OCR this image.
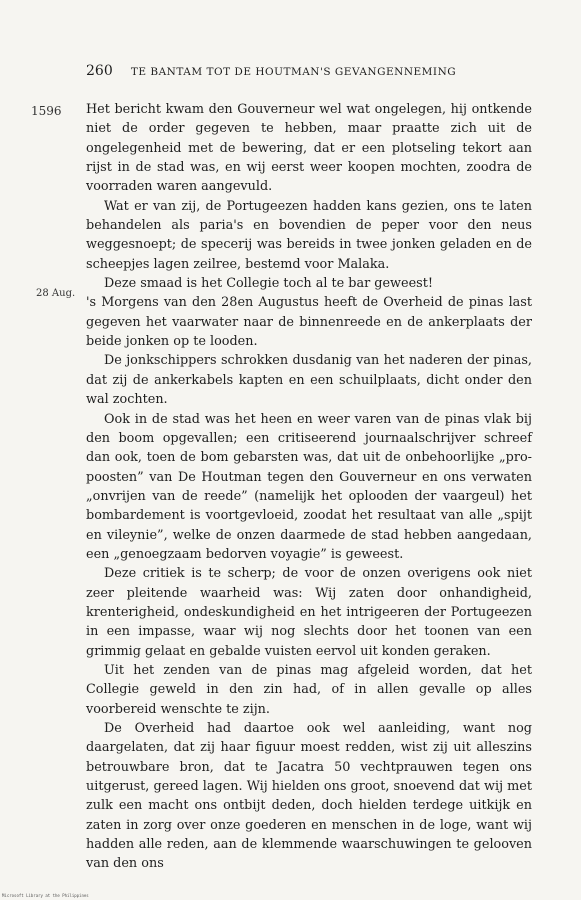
260 TE BANTAM TOT DE HOUTMAN'S GEVANGENNEMING
1596
28 Aug.

Het bericht kwam den Gouverneur wel wat ongelegen, hij ontkende niet de order gegeven te hebben, maar praatte zich uit de ongelegenheid met de bewering, dat er een plotseling tekort aan rijst in de stad was, en wij eerst weer koopen mochten, zoodra de voorraden waren aangevuld.

Wat er van zij, de Portugeezen hadden kans gezien, ons te laten behandelen als paria's en bovendien de peper voor den neus weggesnoept; de specerij was bereids in twee jonken geladen en de scheepjes lagen zeilree, bestemd voor Malaka.

Deze smaad is het Collegie toch al te bar geweest!

's Morgens van den 28en Augustus heeft de Overheid de pinas last gegeven het vaarwater naar de binnenreede en de ankerplaats der beide jonken op te looden.

De jonkschippers schrokken dusdanig van het naderen der pinas, dat zij de ankerkabels kapten en een schuilplaats, dicht onder den wal zochten.

Ook in de stad was het heen en weer varen van de pinas vlak bij den boom opgevallen; een critiseerend journaalschrijver schreef dan ook, toen de bom gebarsten was, dat uit de onbehoorlijke „pro-poosten” van De Houtman tegen den Gouverneur en ons verwaten „onvrijen van de reede” (namelijk het oplooden der vaargeul) het bombardement is voortgevloeid, zoodat het resultaat van alle „spijt en vileynie”, welke de onzen daarmede de stad hebben aangedaan, een „genoegzaam bedorven voyagie” is geweest.

Deze critiek is te scherp; de voor de onzen overigens ook niet zeer pleitende waarheid was: Wij zaten door onhandigheid, krenterigheid, ondeskundigheid en het intrigeeren der Portugeezen in een impasse, waar wij nog slechts door het toonen van een grimmig gelaat en gebalde vuisten eervol uit konden geraken.

Uit het zenden van de pinas mag afgeleid worden, dat het Collegie geweld in den zin had, of in allen gevalle op alles voorbereid wenschte te zijn.

De Overheid had daartoe ook wel aanleiding, want nog daargelaten, dat zij haar figuur moest redden, wist zij uit alleszins betrouwbare bron, dat te Jacatra 50 vechtprauwen tegen ons uitgerust, gereed lagen. Wij hielden ons groot, snoevend dat wij met zulk een macht ons ontbijt deden, doch hielden terdege uitkijk en zaten in zorg over onze goederen en menschen in de loge, want wij hadden alle reden, aan de klemmende waarschuwingen te gelooven van den ons

Microsoft Library at the Philippines
